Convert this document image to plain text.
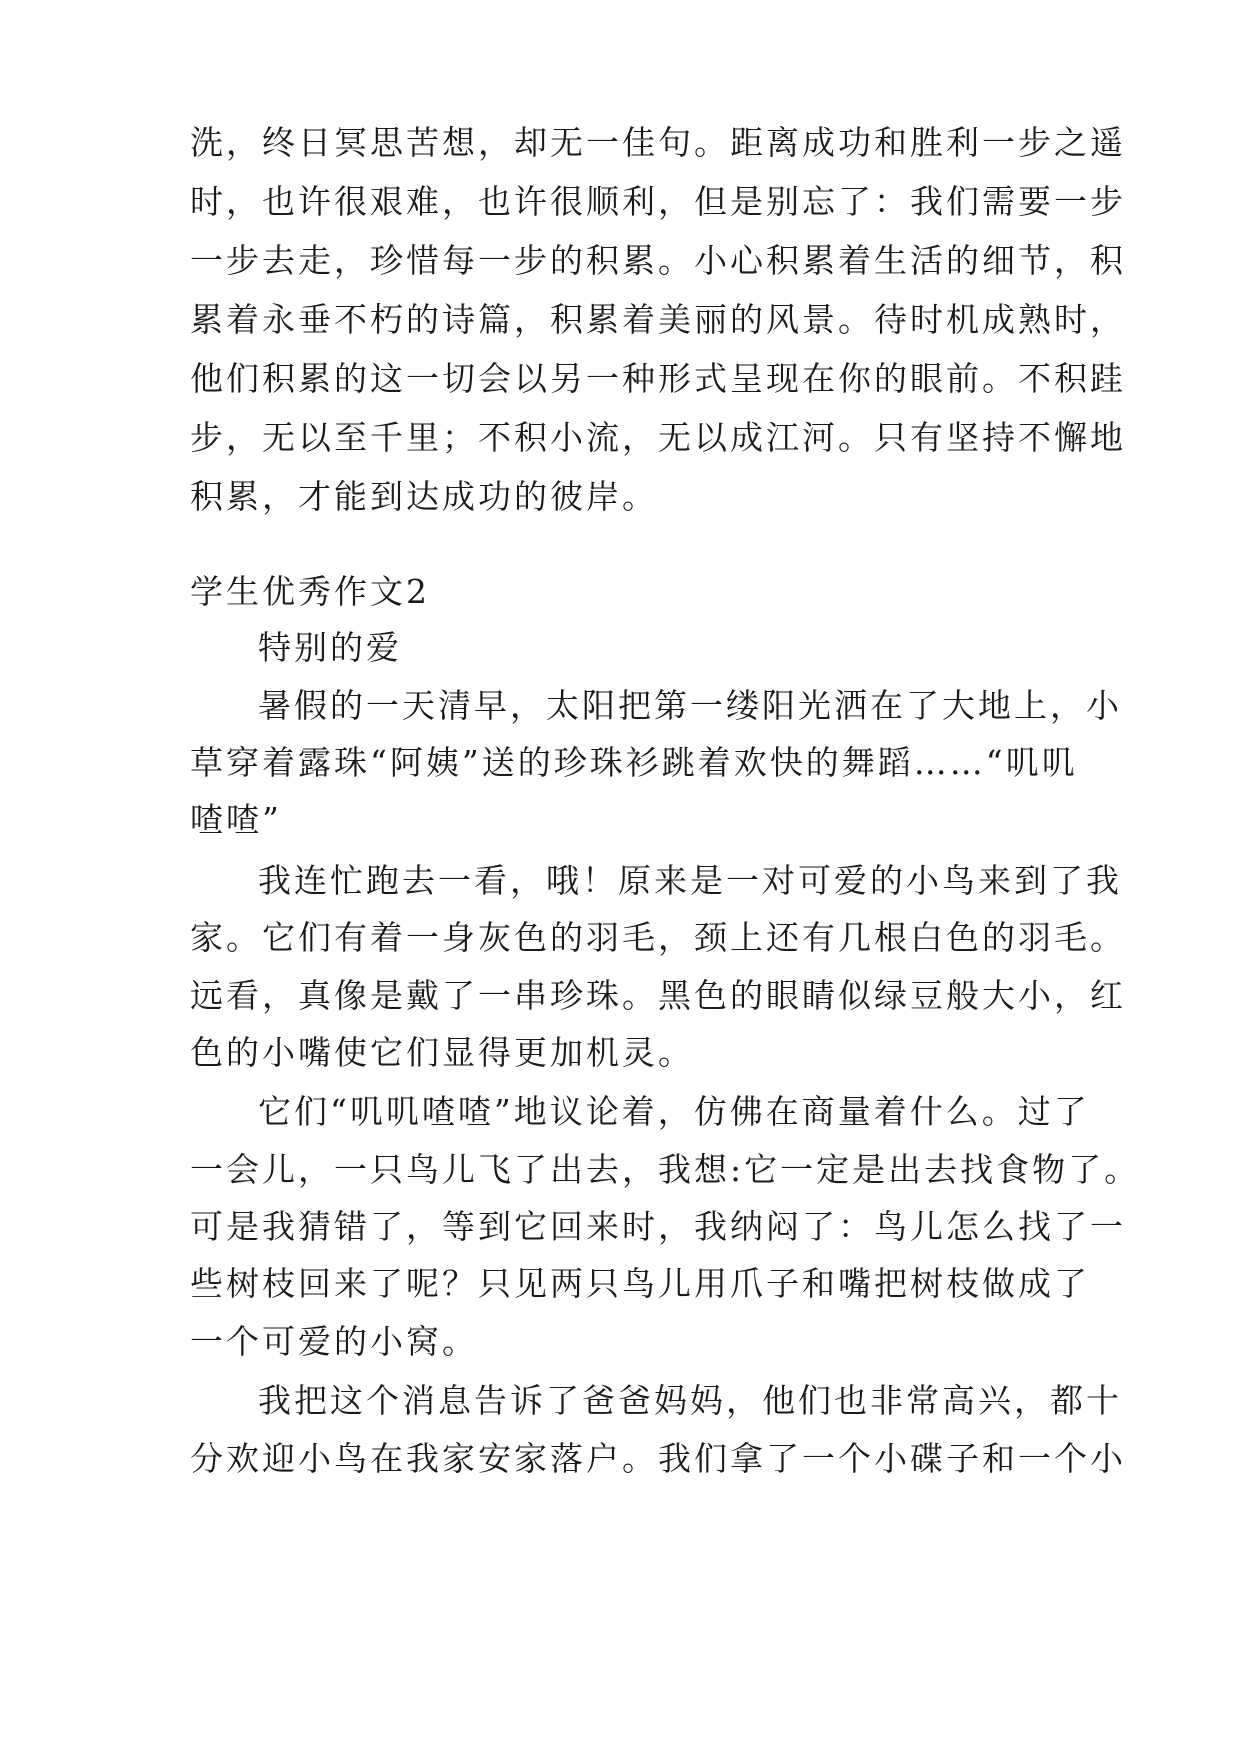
洗，终日冥思苦想，却无一佳句。距离成功和胜利一步之遥
时，也许很艰难，也许很顺利，但是别忘了：我们需要一步
一步去走，珍惜每一步的积累。小心积累着生活的细节，积
累着永垂不朽的诗篇，积累着美丽的风景。待时机成熟时，
他们积累的这一切会以另一种形式呈现在你的眼前。不积跬
步，无以至千里；不积小流，无以成江河。只有坚持不懈地
积累，才能到达成功的彼岸。
学生优秀作文2
特别的爱
暑假的一天清早，太阳把第一缕阳光洒在了大地上，小
草穿着露珠“阿姨”送的珍珠衫跳着欢快的舞蹈……“叽叽
喳喳”
我连忙跑去一看，哦！原来是一对可爱的小鸟来到了我
家。它们有着一身灰色的羽毛，颈上还有几根白色的羽毛。
远看，真像是戴了一串珍珠。黑色的眼睛似绿豆般大小，红
色的小嘴使它们显得更加机灵。
它们“叽叽喳喳”地议论着，仿佛在商量着什么。过了
一会儿，一只鸟儿飞了出去，我想:它一定是出去找食物了。
可是我猜错了，等到它回来时，我纳闷了：鸟儿怎么找了一
些树枝回来了呢？只见两只鸟儿用爪子和嘴把树枝做成了
一个可爱的小窝。
我把这个消息告诉了爸爸妈妈，他们也非常高兴，都十
分欢迎小鸟在我家安家落户。我们拿了一个小碟子和一个小
